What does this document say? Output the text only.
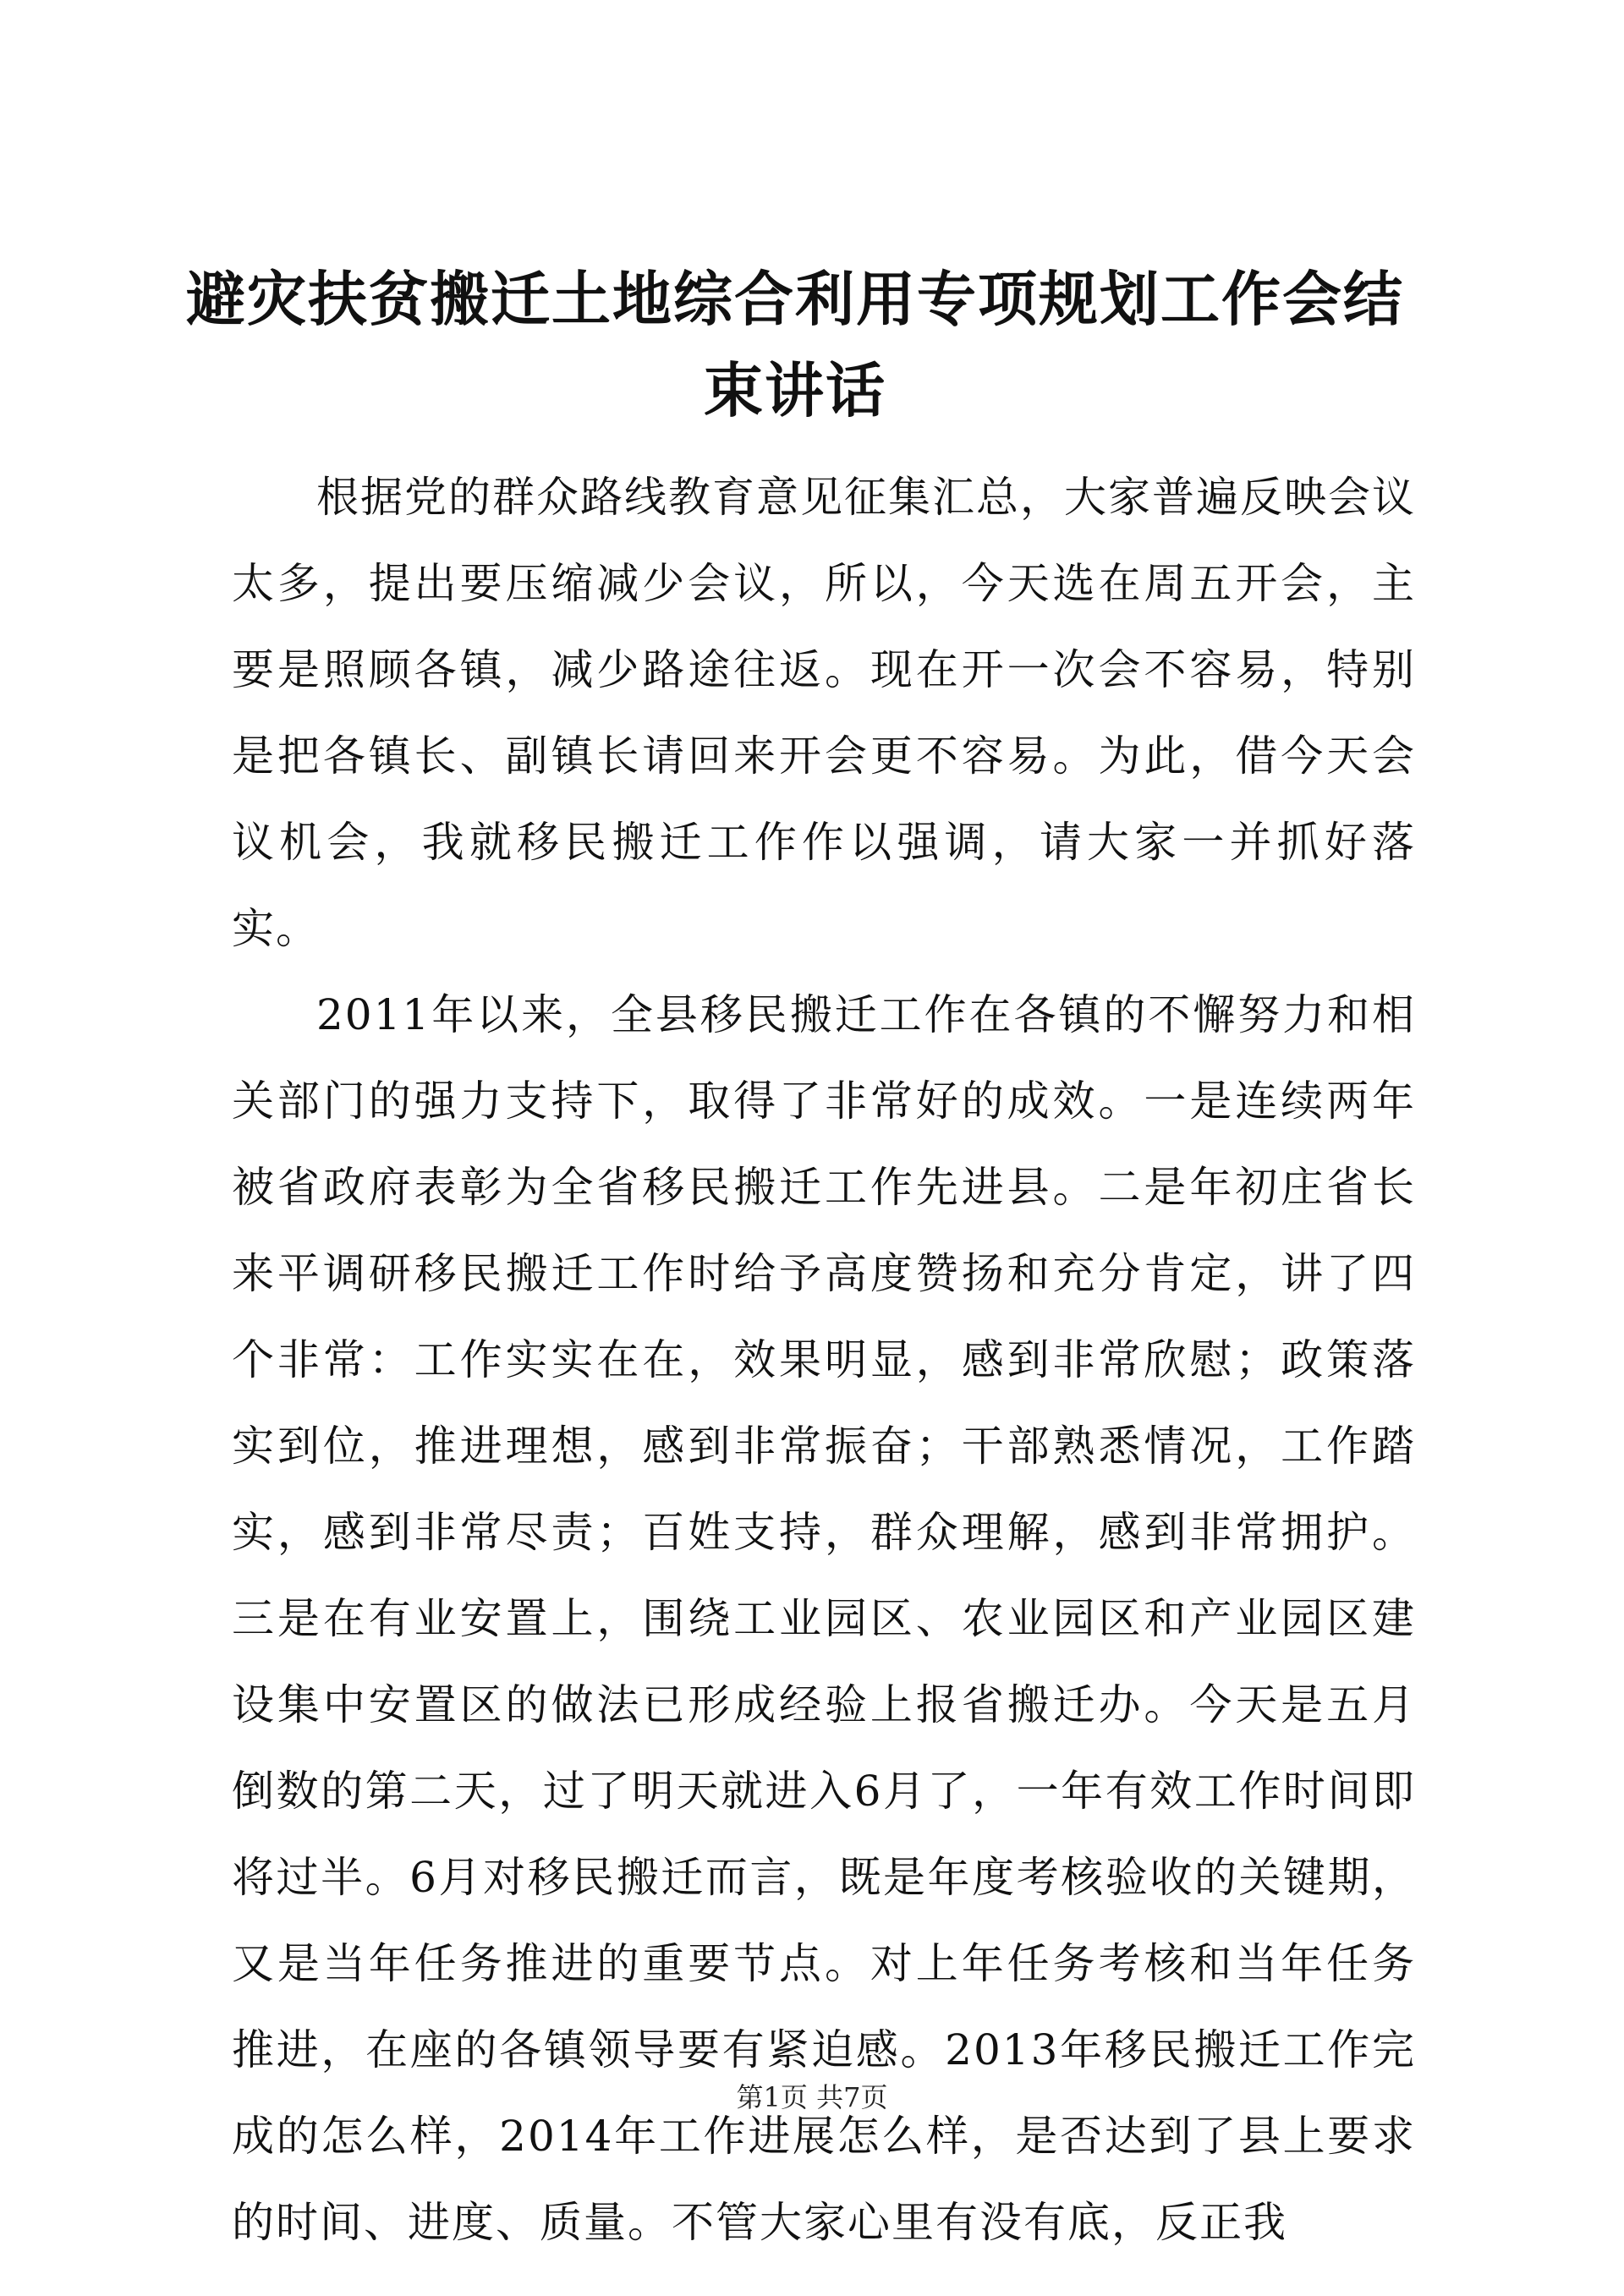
避灾扶贫搬迁土地综合利用专项规划工作会结束讲话

根据党的群众路线教育意见征集汇总，大家普遍反映会议太多，提出要压缩减少会议，所以，今天选在周五开会，主要是照顾各镇，减少路途往返。现在开一次会不容易，特别是把各镇长、副镇长请回来开会更不容易。为此，借今天会议机会，我就移民搬迁工作作以强调，请大家一并抓好落实。

2011年以来，全县移民搬迁工作在各镇的不懈努力和相关部门的强力支持下，取得了非常好的成效。一是连续两年被省政府表彰为全省移民搬迁工作先进县。二是年初庄省长来平调研移民搬迁工作时给予高度赞扬和充分肯定，讲了四个非常：工作实实在在，效果明显，感到非常欣慰；政策落实到位，推进理想，感到非常振奋；干部熟悉情况，工作踏实，感到非常尽责；百姓支持，群众理解，感到非常拥护。三是在有业安置上，围绕工业园区、农业园区和产业园区建设集中安置区的做法已形成经验上报省搬迁办。今天是五月倒数的第二天，过了明天就进入6月了，一年有效工作时间即将过半。6月对移民搬迁而言，既是年度考核验收的关键期，又是当年任务推进的重要节点。对上年任务考核和当年任务推进，在座的各镇领导要有紧迫感。2013年移民搬迁工作完成的怎么样，2014年工作进展怎么样，是否达到了县上要求的时间、进度、质量。不管大家心里有没有底，反正我

第1页 共7页
